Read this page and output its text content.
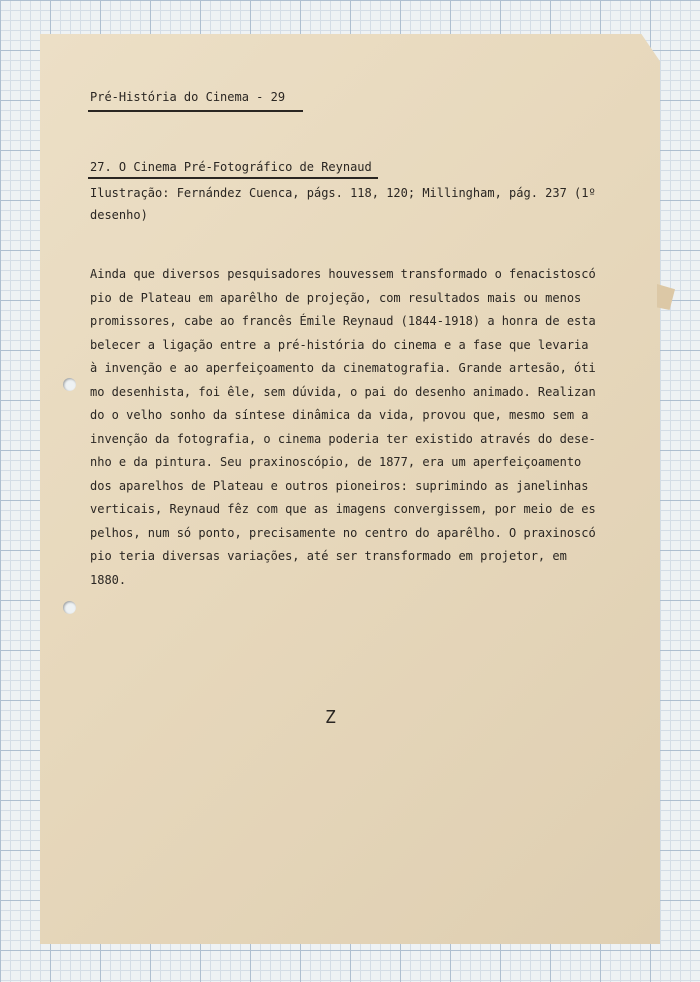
Pré-História do Cinema - 29
27. O Cinema Pré-Fotográfico de Reynaud
Ilustração: Fernández Cuenca, págs. 118, 120; Millingham, pág. 237 (1º
desenho)
Ainda que diversos pesquisadores houvessem transformado o fenacistoscó
pio de Plateau em aparêlho de projeção, com resultados mais ou menos
promissores, cabe ao francês Émile Reynaud (1844-1918) a honra de esta
belecer a ligação entre a pré-história do cinema e a fase que levaria
à invenção e ao aperfeiçoamento da cinematografia. Grande artesão, óti
mo desenhista, foi êle, sem dúvida, o pai do desenho animado. Realizan
do o velho sonho da síntese dinâmica da vida, provou que, mesmo sem a
invenção da fotografia, o cinema poderia ter existido através do dese-
nho e da pintura. Seu praxinoscópio, de 1877, era um aperfeiçoamento
dos aparelhos de Plateau e outros pioneiros: suprimindo as janelinhas
verticais, Reynaud fêz com que as imagens convergissem, por meio de es
pelhos, num só ponto, precisamente no centro do aparêlho. O praxinoscó
pio teria diversas variações, até ser transformado em projetor, em
1880.
Z
